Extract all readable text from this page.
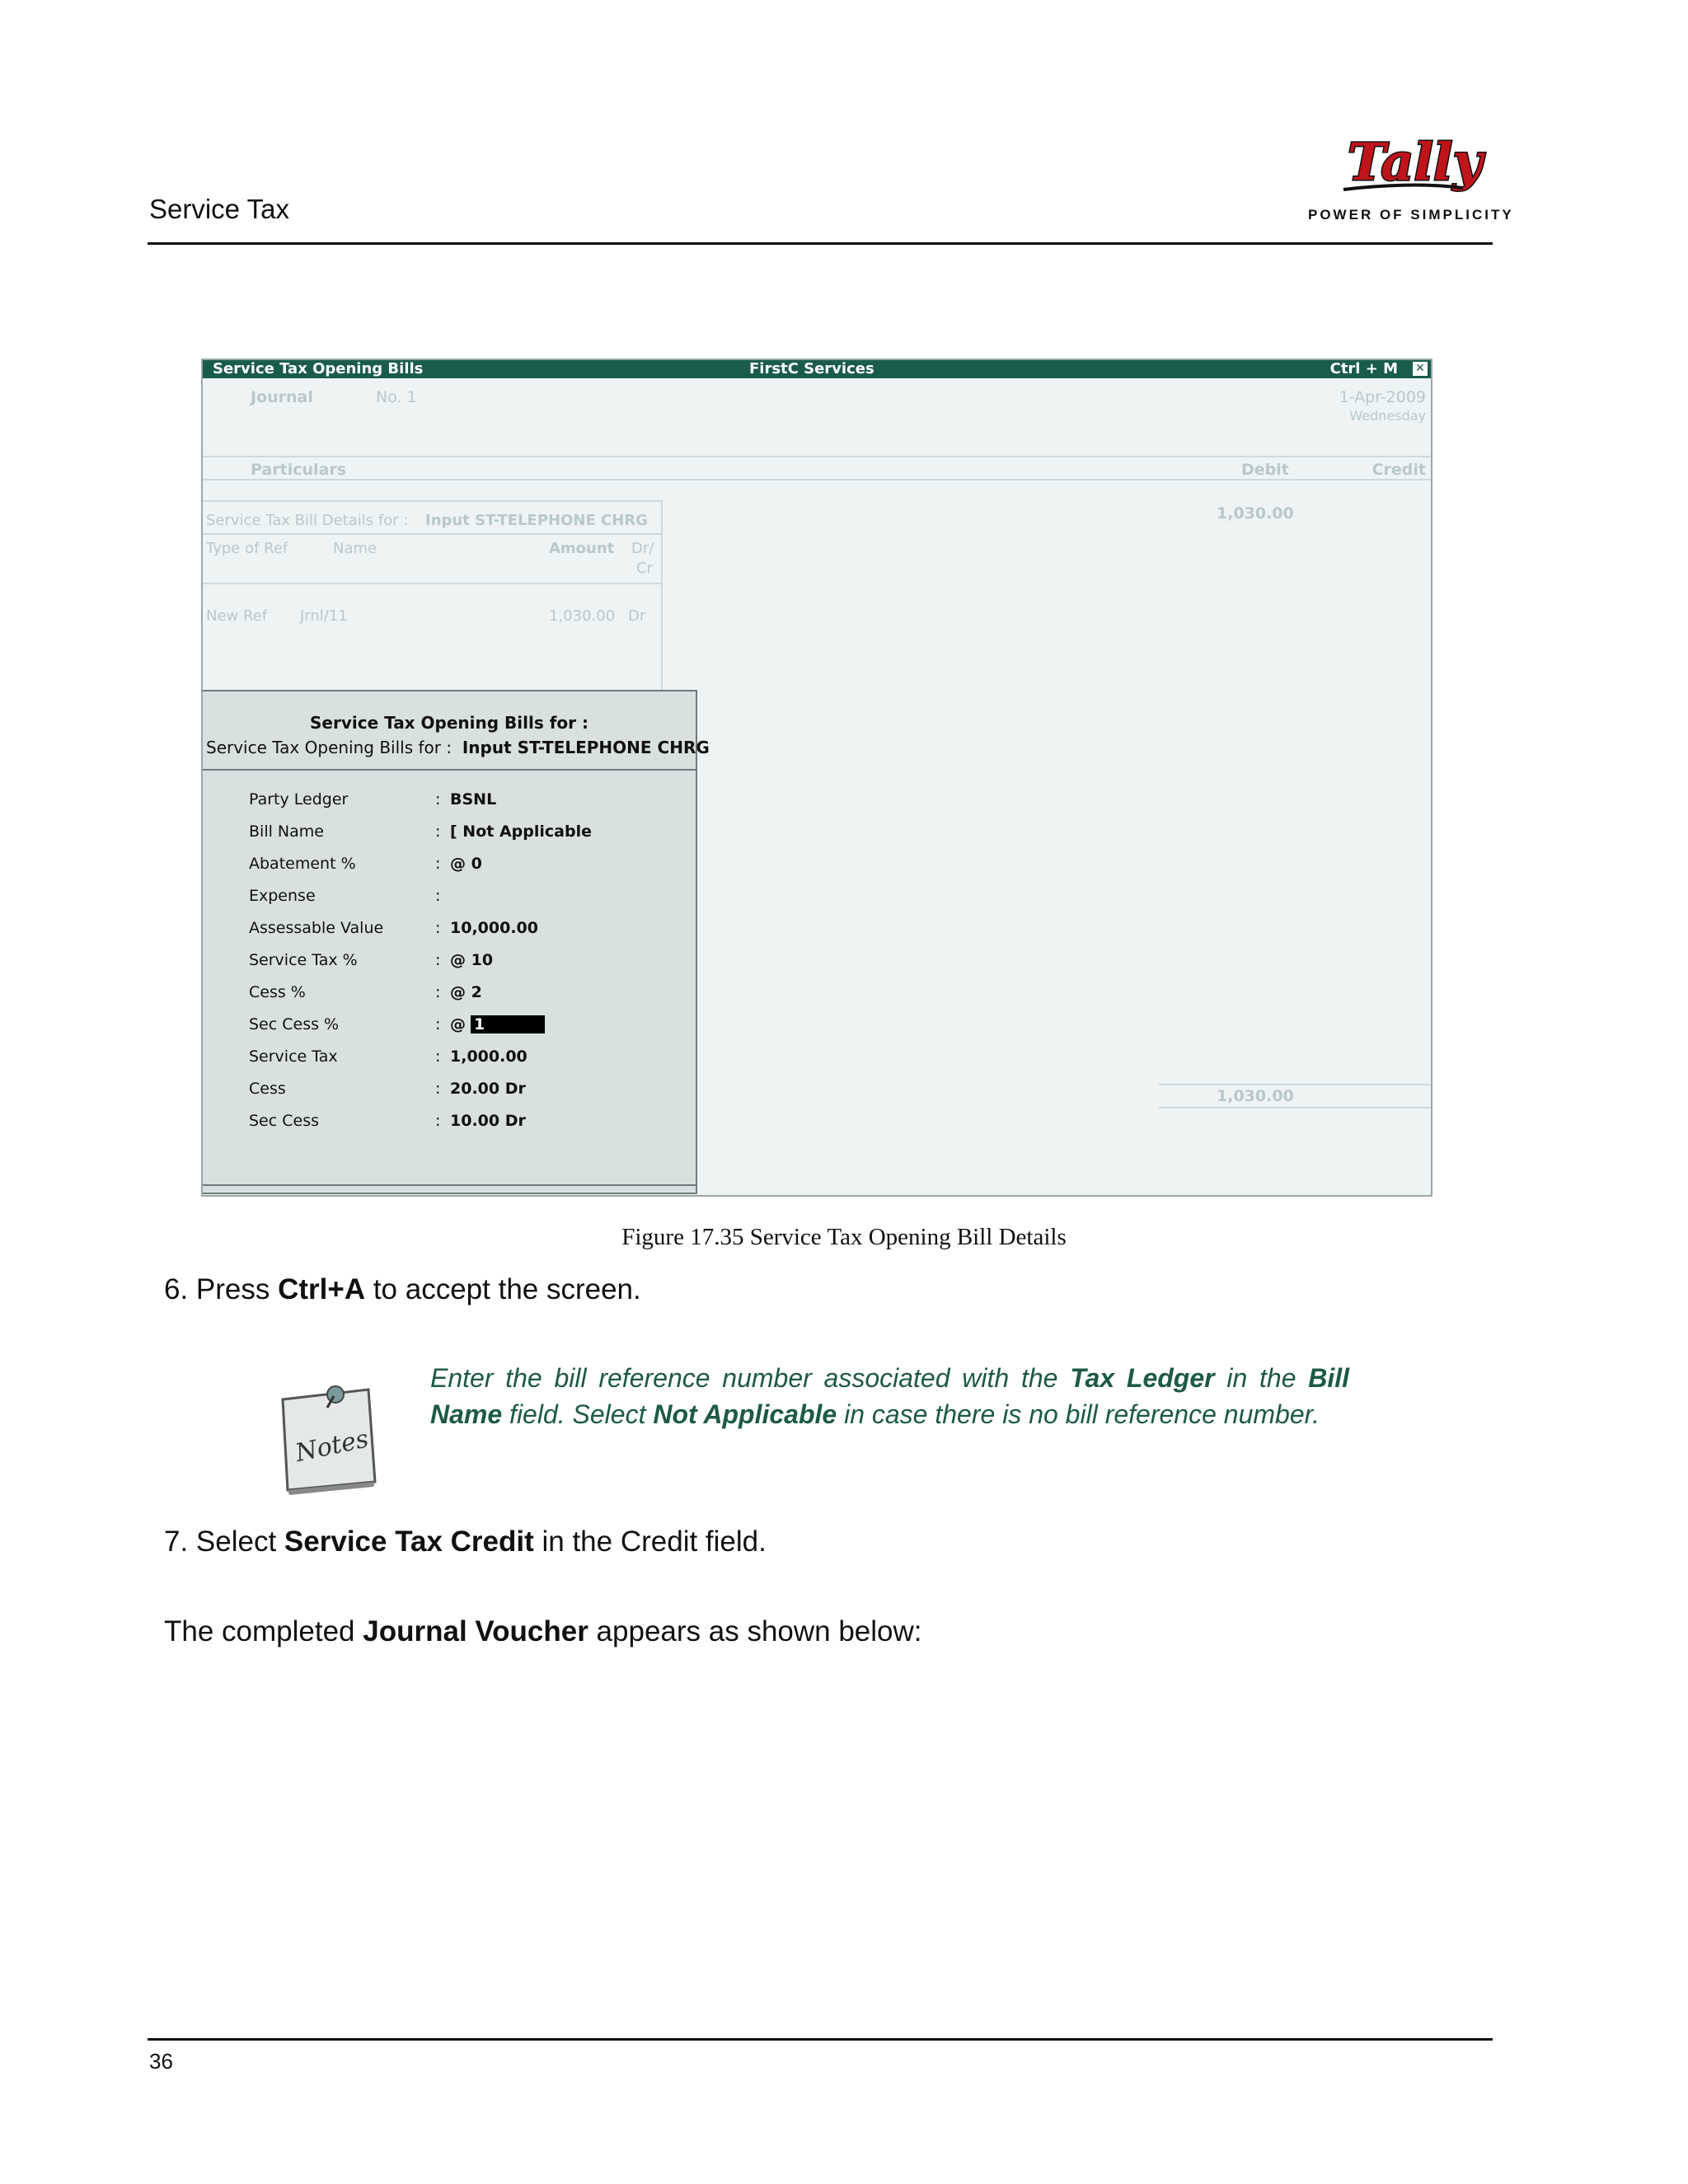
Service Tax
Tally
POWER OF SIMPLICITY
Service Tax Opening Bills	FirstC Services	Ctrl + M ✕
Journal	No. 1	1-Apr-2009
Wednesday
Particulars	Debit	Credit
1,030.00
Service Tax Bill Details for : Input ST-TELEPHONE CHRG
Type of Ref	Name	Amount Dr/
Cr
New Ref Jrnl/11	1,030.00 Dr
1,030.00
Service Tax Opening Bills for :
Service Tax Opening Bills for : Input ST-TELEPHONE CHRG
Party Ledger	: BSNL
Bill Name	: [ Not Applicable
Abatement %	: @ 0
Expense	:
Assessable Value	: 10,000.00
Service Tax %	: @ 10
Cess %	: @ 2
Sec Cess %	: @ 1
Service Tax	: 1,000.00
Cess	: 20.00 Dr
Sec Cess	: 10.00 Dr
Figure 17.35 Service Tax Opening Bill Details
6. Press Ctrl+A to accept the screen.
Notes
Enter the bill reference number associated with the Tax Ledger in the Bill Name field. Select Not Applicable in case there is no bill reference number.
7. Select Service Tax Credit in the Credit field.
The completed Journal Voucher appears as shown below:
36
